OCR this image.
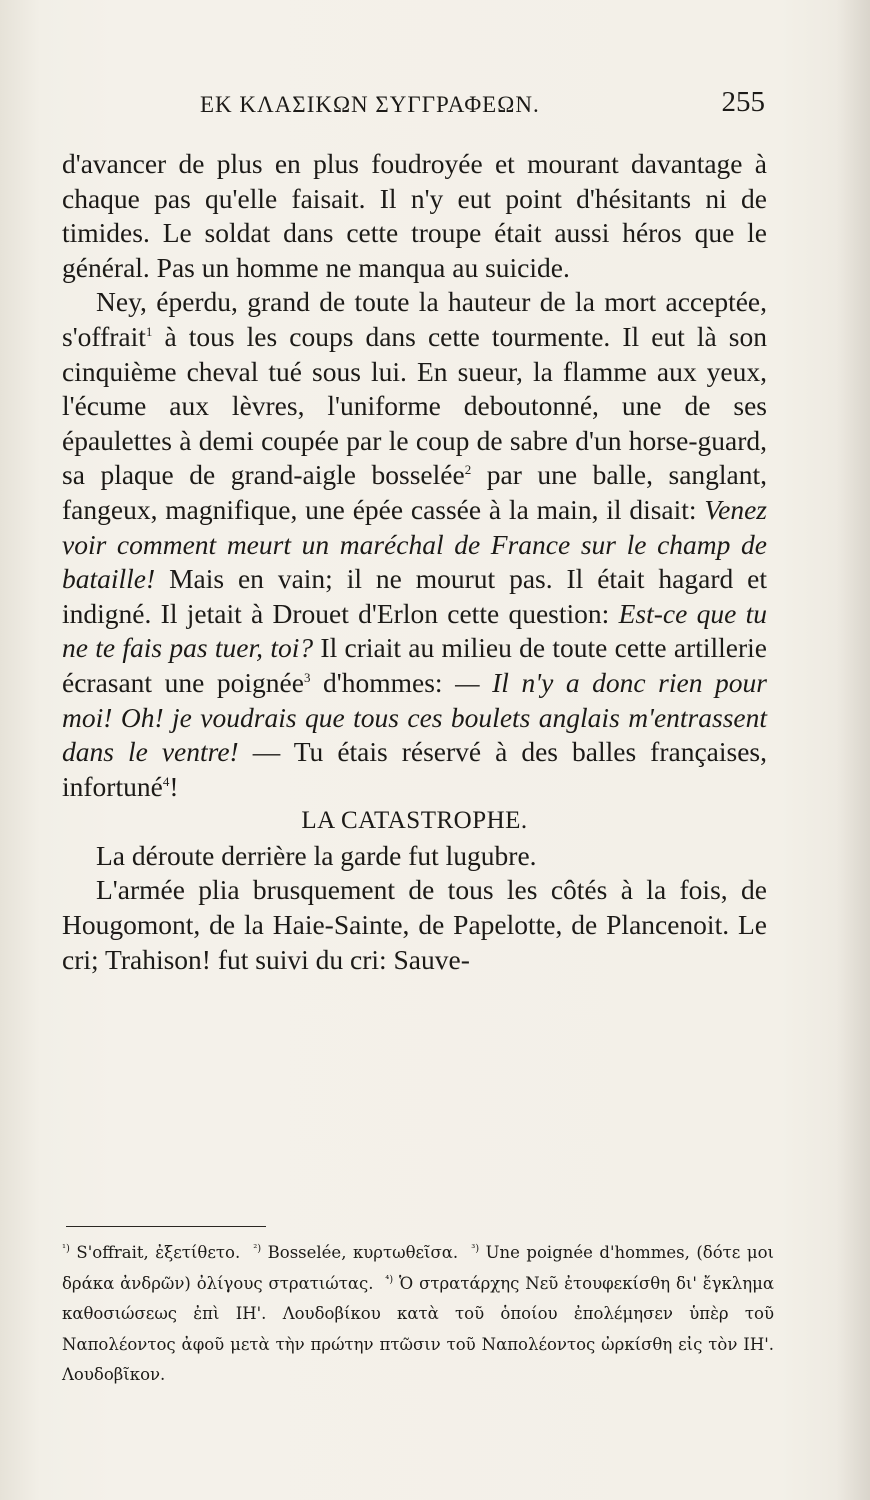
ΕΚ ΚΛΑΣΙΚΩΝ ΣΥΓΓΡΑΦΕΩΝ.	255

d'avancer de plus en plus foudroyée et mourant davantage à chaque pas qu'elle faisait. Il n'y eut point d'hésitants ni de timides. Le soldat dans cette troupe était aussi héros que le général. Pas un homme ne manqua au suicide.

Ney, éperdu, grand de toute la hauteur de la mort acceptée, s'offrait$^1$ à tous les coups dans cette tourmente. Il eut là son cinquième cheval tué sous lui. En sueur, la flamme aux yeux, l'écume aux lèvres, l'uniforme deboutonné, une de ses épaulettes à demi coupée par le coup de sabre d'un horse-guard, sa plaque de grand-aigle bosselée$^2$ par une balle, sanglant, fangeux, magnifique, une épée cassée à la main, il disait: Venez voir comment meurt un maréchal de France sur le champ de bataille! Mais en vain; il ne mourut pas. Il était hagard et indigné. Il jetait à Drouet d'Erlon cette question: Est-ce que tu ne te fais pas tuer, toi? Il criait au milieu de toute cette artillerie écrasant une poignée$^3$ d'hommes: — Il n'y a donc rien pour moi! Oh! je voudrais que tous ces boulets anglais m'entrassent dans le ventre! — Tu étais réservé à des balles françaises, infortuné$^4$!

LA CATASTROPHE.

La déroute derrière la garde fut lugubre.

L'armée plia brusquement de tous les côtés à la fois, de Hougomont, de la Haie-Sainte, de Papelotte, de Plancenoit. Le cri; Trahison! fut suivi du cri: Sauve-

$^{^1)}$ S'offrait, ἐξετίθετο. $^{^2)}$ Bosselée, κυρτωθεῖσα. $^{^3)}$ Une poignée d'hommes, (δότε μοι δράκα ἀνδρῶν) ὀλίγους στρατιώτας. $^{^4)}$ Ὁ στρατάρχης Νεῦ ἐτουφεκίσθη δι' ἔγκλημα καθοσιώσεως ἐπὶ ΙΗ'. Λουδοβίκου κατὰ τοῦ ὁποίου ἐπολέμησεν ὑπὲρ τοῦ Ναπολέοντος ἀφοῦ μετὰ τὴν πρώτην πτῶσιν τοῦ Ναπολέοντος ὠρκίσθη εἰς τὸν ΙΗ'. Λουδοβῖκον.
